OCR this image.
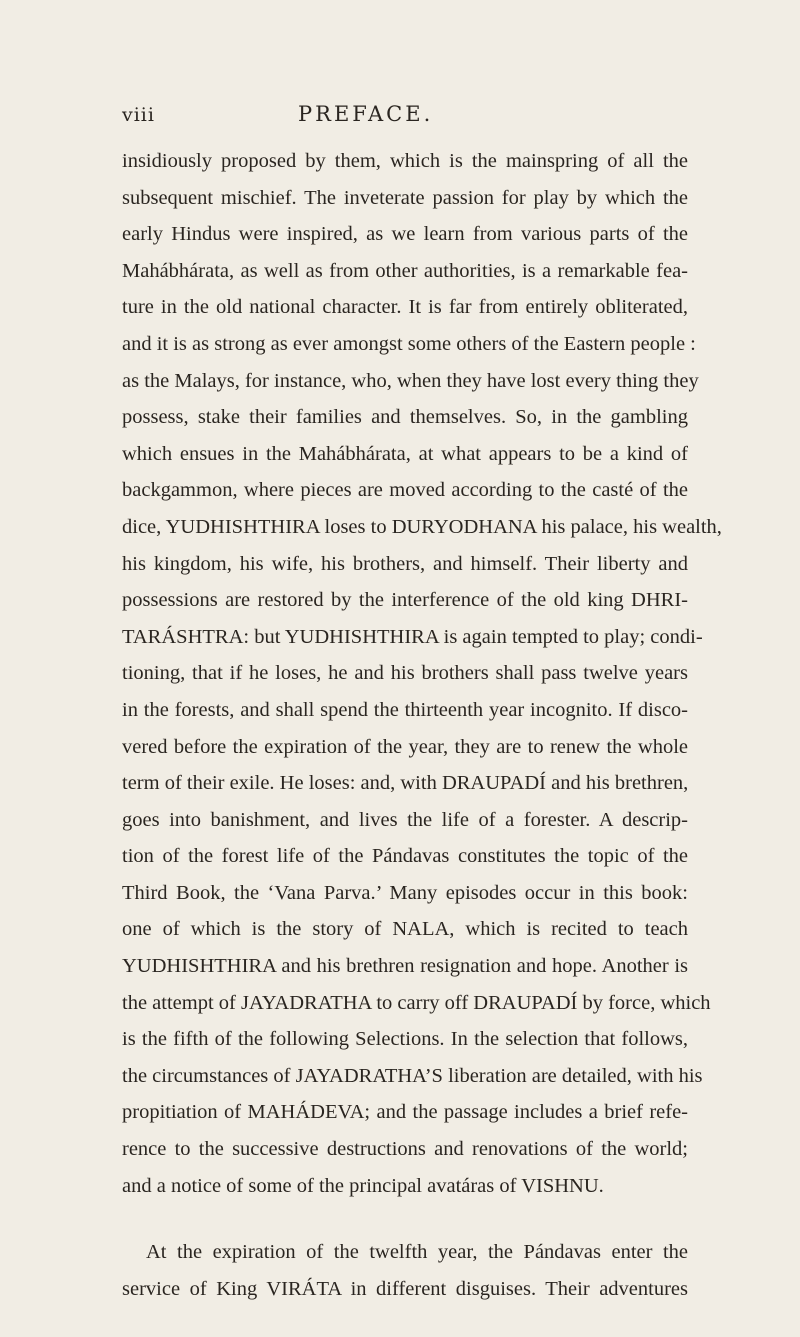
viii	PREFACE.
insidiously proposed by them, which is the mainspring of all the
subsequent mischief. The inveterate passion for play by which the
early Hindus were inspired, as we learn from various parts of the
Mahábhárata, as well as from other authorities, is a remarkable fea-
ture in the old national character. It is far from entirely obliterated,
and it is as strong as ever amongst some others of the Eastern people :
as the Malays, for instance, who, when they have lost every thing they
possess, stake their families and themselves. So, in the gambling
which ensues in the Mahábhárata, at what appears to be a kind of
backgammon, where pieces are moved according to the casté of the
dice, YUDHISHTHIRA loses to DURYODHANA his palace, his wealth,
his kingdom, his wife, his brothers, and himself. Their liberty and
possessions are restored by the interference of the old king DHRI-
TARÁSHTRA: but YUDHISHTHIRA is again tempted to play; condi-
tioning, that if he loses, he and his brothers shall pass twelve years
in the forests, and shall spend the thirteenth year incognito. If disco-
vered before the expiration of the year, they are to renew the whole
term of their exile. He loses: and, with DRAUPADÍ and his brethren,
goes into banishment, and lives the life of a forester. A descrip-
tion of the forest life of the Pándavas constitutes the topic of the
Third Book, the ‘Vana Parva.’ Many episodes occur in this book:
one of which is the story of NALA, which is recited to teach
YUDHISHTHIRA and his brethren resignation and hope. Another is
the attempt of JAYADRATHA to carry off DRAUPADÍ by force, which
is the fifth of the following Selections. In the selection that follows,
the circumstances of JAYADRATHA’S liberation are detailed, with his
propitiation of MAHÁDEVA; and the passage includes a brief refe-
rence to the successive destructions and renovations of the world;
and a notice of some of the principal avatáras of VISHNU.
At the expiration of the twelfth year, the Pándavas enter the
service of King VIRÁTA in different disguises. Their adventures
